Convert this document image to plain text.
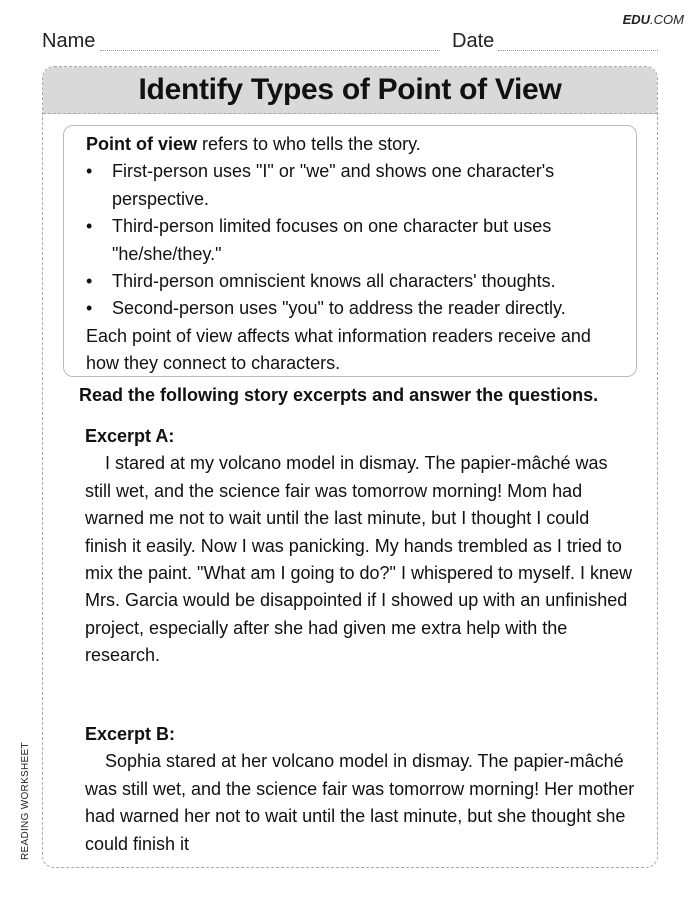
EDU.COM
Name	Date
Identify Types of Point of View

Point of view refers to who tells the story.

• First-person uses "I" or "we" and shows one character's perspective.
• Third-person limited focuses on one character but uses "he/she/they."
• Third-person omniscient knows all characters' thoughts.
• Second-person uses "you" to address the reader directly.

Each point of view affects what information readers receive and how they connect to characters.

Read the following story excerpts and answer the questions.
Excerpt A:

I stared at my volcano model in dismay. The papier-mâché was still wet, and the science fair was tomorrow morning! Mom had warned me not to wait until the last minute, but I thought I could finish it easily. Now I was panicking. My hands trembled as I tried to mix the paint. "What am I going to do?" I whispered to myself. I knew Mrs. Garcia would be disappointed if I showed up with an unfinished project, especially after she had given me extra help with the research.

Excerpt B:

Sophia stared at her volcano model in dismay. The papier-mâché was still wet, and the science fair was tomorrow morning! Her mother had warned her not to wait until the last minute, but she thought she could finish it

READING WORKSHEET
